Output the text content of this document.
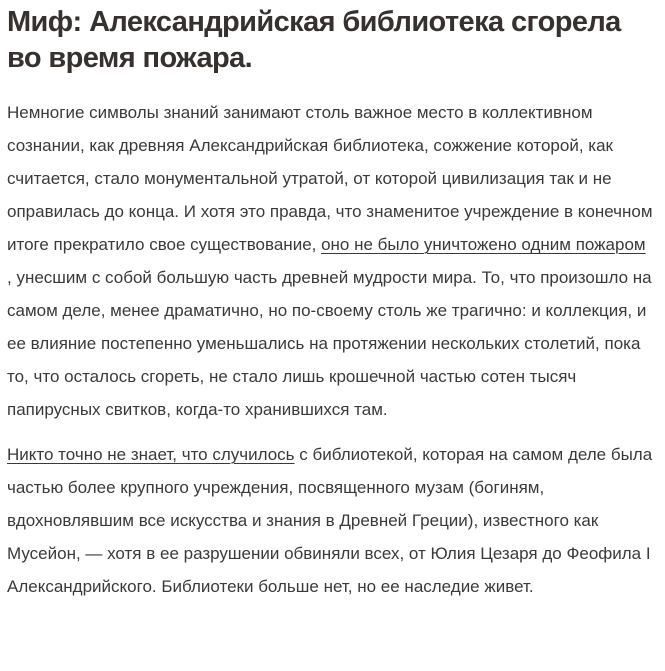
Миф: Александрийская библиотека сгорела
во время пожара.

Немногие символы знаний занимают столь важное место в коллективном сознании, как древняя Александрийская библиотека, сожжение которой, как считается, стало монументальной утратой, от которой цивилизация так и не оправилась до конца. И хотя это правда, что знаменитое учреждение в конечном итоге прекратило свое существование, оно не было уничтожено одним пожаром , унесшим с собой большую часть древней мудрости мира. То, что произошло на самом деле, менее драматично, но по-своему столь же трагично: и коллекция, и ее влияние постепенно уменьшались на протяжении нескольких столетий, пока то, что осталось сгореть, не стало лишь крошечной частью сотен тысяч папирусных свитков, когда-то хранившихся там.

Никто точно не знает, что случилось с библиотекой, которая на самом деле была частью более крупного учреждения, посвященного музам (богиням, вдохновлявшим все искусства и знания в Древней Греции), известного как Мусейон, — хотя в ее разрушении обвиняли всех, от Юлия Цезаря до Феофила I Александрийского. Библиотеки больше нет, но ее наследие живет.
